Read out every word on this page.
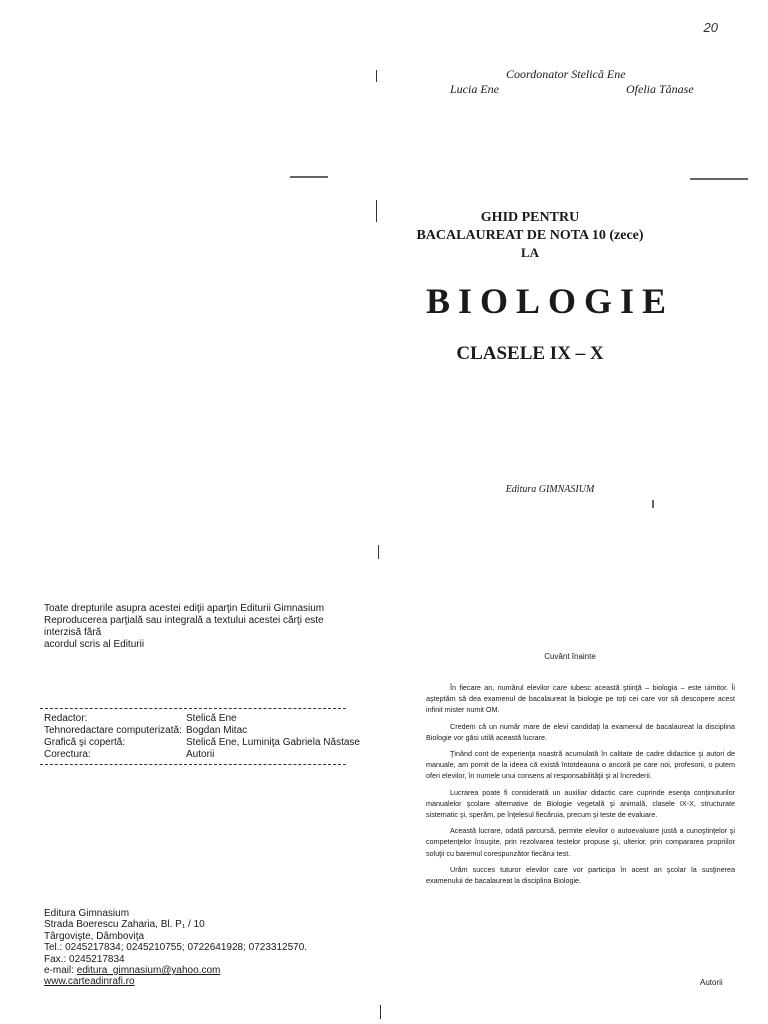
20
Coordonator Stelică Ene
Lucia Ene	Ofelia Tănase
GHID PENTRU
BACALAUREAT DE NOTA 10 (zece)
LA
BIOLOGIE
CLASELE IX – X
Editura GIMNASIUM
Toate drepturile asupra acestei ediţii aparţin Editurii Gimnasium
Reproducerea parţială sau integrală a textului acestei cărţi este interzisă fără
acordul scris al Editurii
Redactor:	Stelică Ene
Tehnoredactare computerizată: Bogdan Mitac
Grafică şi copertă:	Stelică Ene, Luminiţa Gabriela Năstase
Corectura:	Autorii
Editura Gimnasium
Strada Boerescu Zaharia, Bl. P₁ / 10
Târgovişte, Dâmboviţa
Tel.: 0245217834; 0245210755; 0722641928; 0723312570.
Fax.: 0245217834
e-mail: editura_gimnasium@yahoo.com
www.carteadinrafi.ro
Cuvânt înainte

În fiecare an, numărul elevilor care iubesc această ştiinţă – biologia – este uimitor. Îi aşteptăm să dea examenul de bacalaureat la biologie pe toţi cei care vor să descopere acest infinit mister numit OM.

Credem că un număr mare de elevi candidaţi la examenul de bacalaureat la disciplina Biologie vor găsi utilă această lucrare.

Ţinând cont de experienţa noastră acumulată în calitate de cadre didactice şi autori de manuale, am pornit de la ideea că există întotdeauna o ancoră pe care noi, profesorii, o putem oferi elevilor, în numele unui consens al responsabilităţii şi al încrederii.

Lucrarea poate fi considerată un auxiliar didactic care cuprinde esenţa conţinuturilor manualelor şcolare alternative de Biologie vegetală şi animală, clasele IX-X, structurate sistematic şi, sperăm, pe înţelesul fiecăruia, precum şi teste de evaluare.

Această lucrare, odată parcursă, permite elevilor o autoevaluare justă a cunoştinţelor şi competenţelor însuşite, prin rezolvarea testelor propuse şi, ulterior, prin compararea propriilor soluţii cu baremul corespunzător fiecărui test.

Urăm succes tuturor elevilor care vor participa în acest an şcolar la susţinerea examenului de bacalaureat la disciplina Biologie.

Autorii
